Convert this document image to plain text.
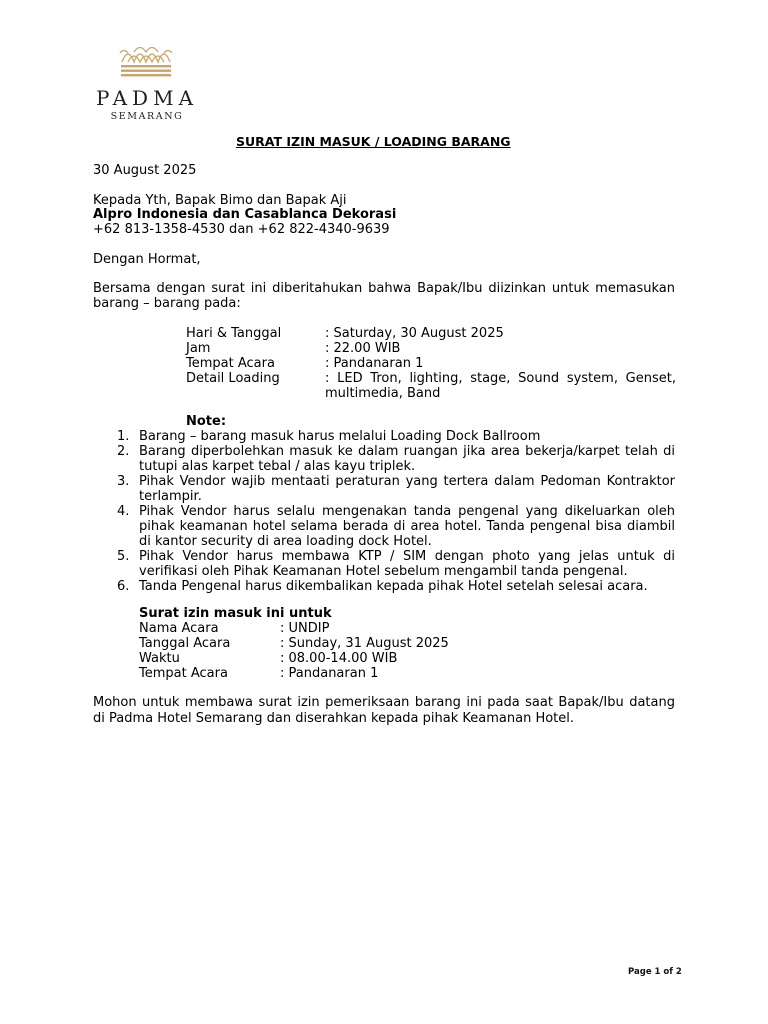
PADMA
SEMARANG
SURAT IZIN MASUK / LOADING BARANG
30 August 2025
Kepada Yth, Bapak Bimo dan Bapak Aji
Alpro Indonesia dan Casablanca Dekorasi
+62 813-1358-4530 dan +62 822-4340-9639
Dengan Hormat,
Bersama dengan surat ini diberitahukan bahwa Bapak/Ibu diizinkan untuk memasukan barang – barang pada:
Hari & Tanggal	: Saturday, 30 August 2025
Jam	: 22.00 WIB
Tempat Acara	: Pandanaran 1
Detail Loading	: LED Tron, lighting, stage, Sound system, Genset, multimedia, Band
Note:
1. Barang – barang masuk harus melalui Loading Dock Ballroom
2. Barang diperbolehkan masuk ke dalam ruangan jika area bekerja/karpet telah di tutupi alas karpet tebal / alas kayu triplek.
3. Pihak Vendor wajib mentaati peraturan yang tertera dalam Pedoman Kontraktor terlampir.
4. Pihak Vendor harus selalu mengenakan tanda pengenal yang dikeluarkan oleh pihak keamanan hotel selama berada di area hotel. Tanda pengenal bisa diambil di kantor security di area loading dock Hotel.
5. Pihak Vendor harus membawa KTP / SIM dengan photo yang jelas untuk di verifikasi oleh Pihak Keamanan Hotel sebelum mengambil tanda pengenal.
6. Tanda Pengenal harus dikembalikan kepada pihak Hotel setelah selesai acara.
Surat izin masuk ini untuk
Nama Acara	: UNDIP
Tanggal Acara	: Sunday, 31 August 2025
Waktu	: 08.00-14.00 WIB
Tempat Acara	: Pandanaran 1
Mohon untuk membawa surat izin pemeriksaan barang ini pada saat Bapak/Ibu datang di Padma Hotel Semarang dan diserahkan kepada pihak Keamanan Hotel.
Page 1 of 2
